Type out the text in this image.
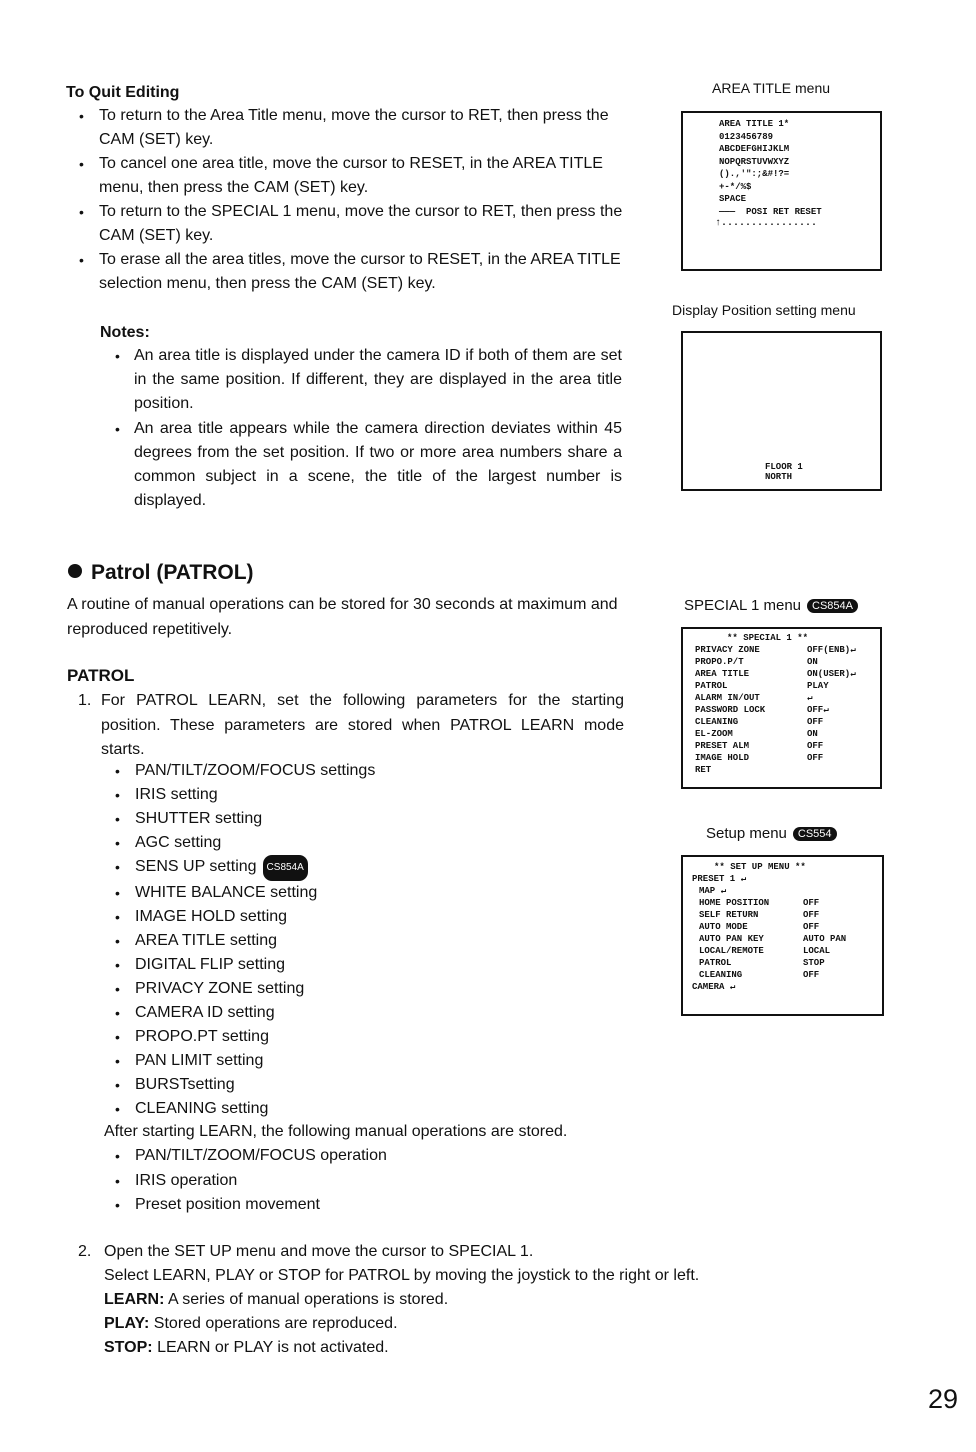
To Quit Editing
• To return to the Area Title menu, move the cursor to RET, then press the CAM (SET) key.
• To cancel one area title, move the cursor to RESET, in the AREA TITLE menu, then press the CAM (SET) key.
• To return to the SPECIAL 1 menu, move the cursor to RET, then press the CAM (SET) key.
• To erase all the area titles, move the cursor to RESET, in the AREA TITLE selection menu, then press the CAM (SET) key.
Notes:
• An area title is displayed under the camera ID if both of them are set in the same position. If different, they are displayed in the area title position.
• An area title appears while the camera direction deviates within 45 degrees from the set position. If two or more area numbers share a common subject in a scene, the title of the largest number is displayed.
Patrol (PATROL)
A routine of manual operations can be stored for 30 seconds at maximum and reproduced repetitively.
PATROL
1. For PATROL LEARN, set the following parameters for the starting position. These parameters are stored when PATROL LEARN mode starts.
• PAN/TILT/ZOOM/FOCUS settings
• IRIS setting
• SHUTTER setting
• AGC setting
• SENS UP setting CS854A
• WHITE BALANCE setting
• IMAGE HOLD setting
• AREA TITLE setting
• DIGITAL FLIP setting
• PRIVACY ZONE setting
• CAMERA ID setting
• PROPO.PT setting
• PAN LIMIT setting
• BURSTsetting
• CLEANING setting
After starting LEARN, the following manual operations are stored.
• PAN/TILT/ZOOM/FOCUS operation
• IRIS operation
• Preset position movement
2. Open the SET UP menu and move the cursor to SPECIAL 1.
Select LEARN, PLAY or STOP for PATROL by moving the joystick to the right or left.
LEARN: A series of manual operations is stored.
PLAY: Stored operations are reproduced.
STOP: LEARN or PLAY is not activated.
AREA TITLE menu
AREA TITLE 1*
0123456789
ABCDEFGHIJKLM
NOPQRSTUVWXYZ
().,'":;&#!?=
+-*/%$
SPACE
―――  POSI RET RESET
↑................
Display Position setting menu
FLOOR 1
NORTH
SPECIAL 1 menu CS854A
** SPECIAL 1 **
PRIVACY ZONE	OFF(ENB)↵
PROPO.P/T	ON
AREA TITLE	ON(USER)↵
PATROL	PLAY
ALARM IN/OUT	↵
PASSWORD LOCK	OFF↵
CLEANING	OFF
EL-ZOOM	ON
PRESET ALM	OFF
IMAGE HOLD	OFF
RET
Setup menu CS554
** SET UP MENU **
PRESET 1 ↵
MAP ↵
HOME POSITION	OFF
SELF RETURN	OFF
AUTO MODE	OFF
AUTO PAN KEY	AUTO PAN
LOCAL/REMOTE	LOCAL
PATROL	STOP
CLEANING	OFF
CAMERA ↵
29
